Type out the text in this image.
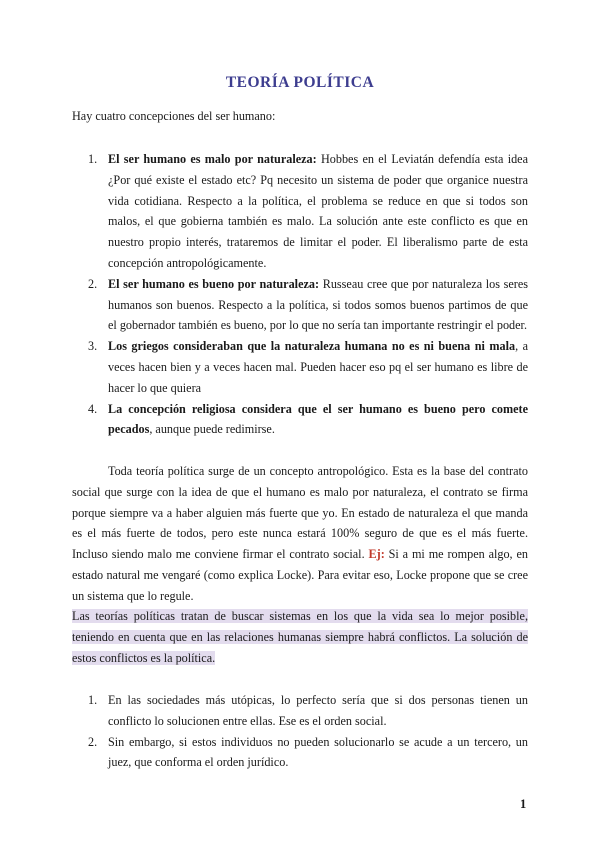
TEORÍA POLÍTICA

Hay cuatro concepciones del ser humano:

1. El ser humano es malo por naturaleza: Hobbes en el Leviatán defendía esta idea ¿Por qué existe el estado etc? Pq necesito un sistema de poder que organice nuestra vida cotidiana. Respecto a la política, el problema se reduce en que si todos son malos, el que gobierna también es malo. La solución ante este conflicto es que en nuestro propio interés, trataremos de limitar el poder. El liberalismo parte de esta concepción antropológicamente.
2. El ser humano es bueno por naturaleza: Russeau cree que por naturaleza los seres humanos son buenos. Respecto a la política, si todos somos buenos partimos de que el gobernador también es bueno, por lo que no sería tan importante restringir el poder.
3. Los griegos consideraban que la naturaleza humana no es ni buena ni mala, a veces hacen bien y a veces hacen mal. Pueden hacer eso pq el ser humano es libre de hacer lo que quiera
4. La concepción religiosa considera que el ser humano es bueno pero comete pecados, aunque puede redimirse.

Toda teoría política surge de un concepto antropológico. Esta es la base del contrato social que surge con la idea de que el humano es malo por naturaleza, el contrato se firma porque siempre va a haber alguien más fuerte que yo. En estado de naturaleza el que manda es el más fuerte de todos, pero este nunca estará 100% seguro de que es el más fuerte. Incluso siendo malo me conviene firmar el contrato social. Ej: Si a mi me rompen algo, en estado natural me vengaré (como explica Locke). Para evitar eso, Locke propone que se cree un sistema que lo regule.

Las teorías políticas tratan de buscar sistemas en los que la vida sea lo mejor posible, teniendo en cuenta que en las relaciones humanas siempre habrá conflictos. La solución de estos conflictos es la política.

1. En las sociedades más utópicas, lo perfecto sería que si dos personas tienen un conflicto lo solucionen entre ellas. Ese es el orden social.
2. Sin embargo, si estos individuos no pueden solucionarlo se acude a un tercero, un juez, que conforma el orden jurídico.
1
